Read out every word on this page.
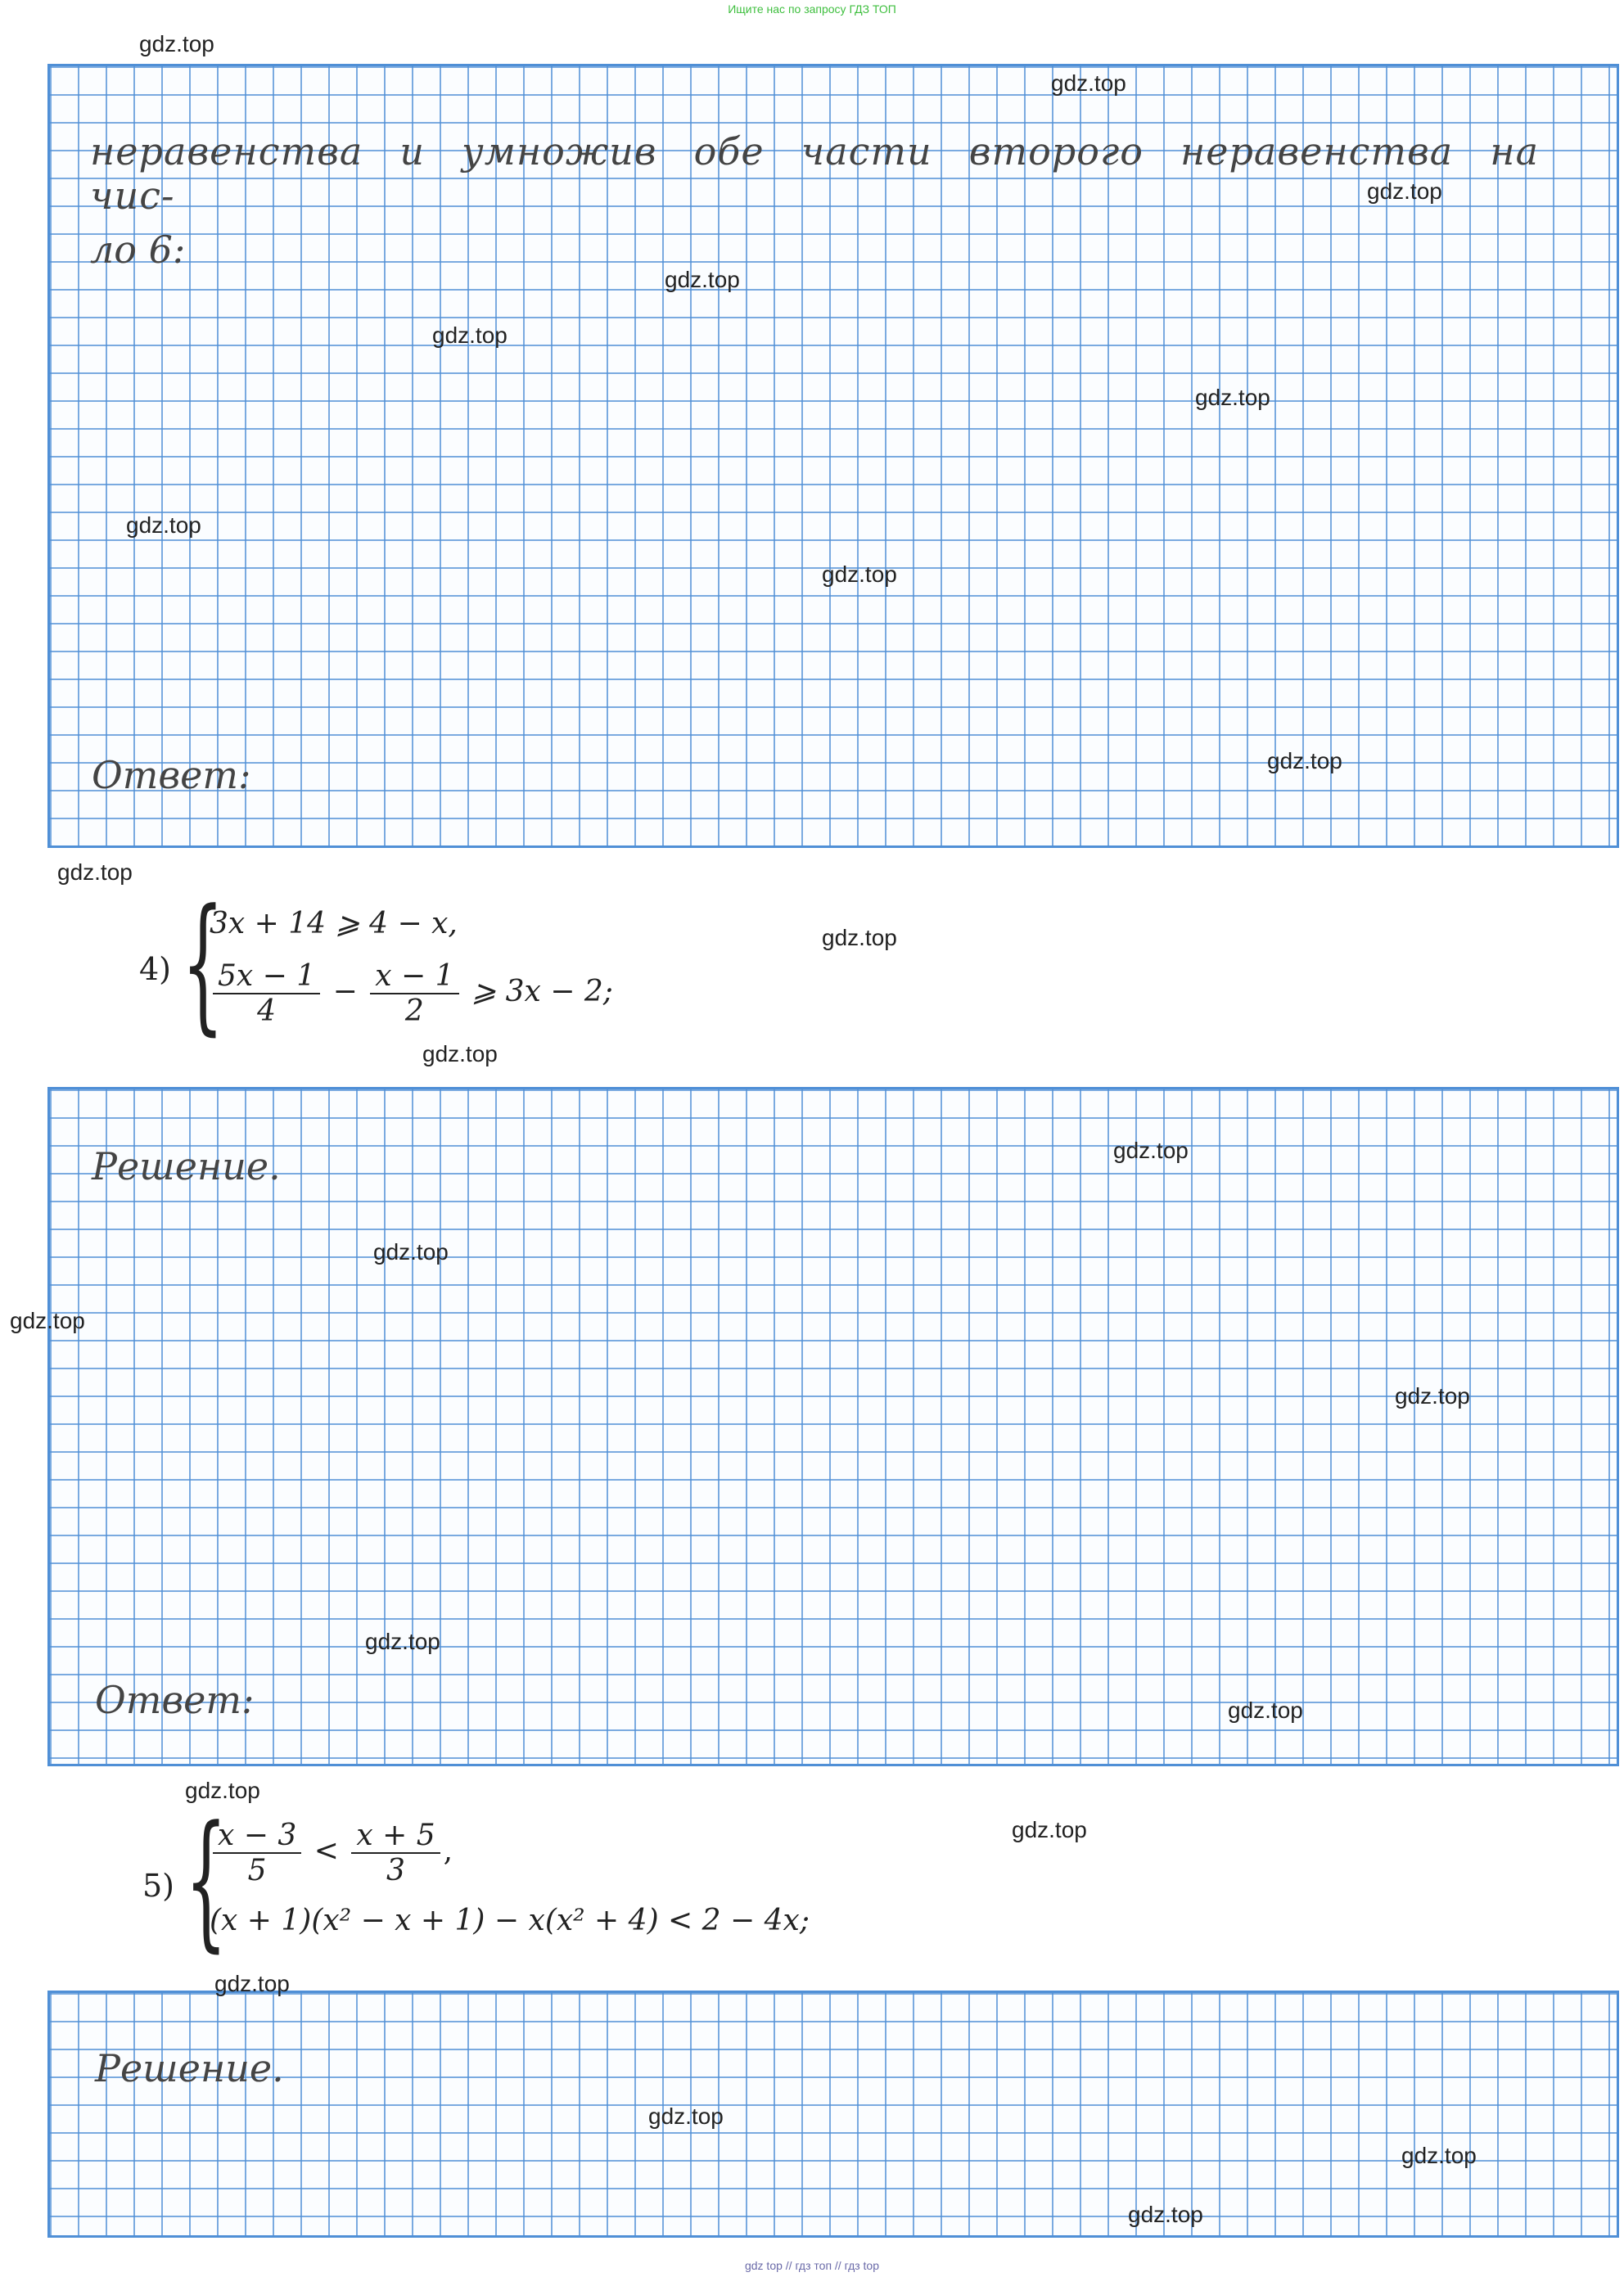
Ищите нас по запросу ГДЗ ТОП
неравенства и умножив обе части второго неравенства на чис-
ло 6:
Ответ:
4) {
3x + 14 ⩾ 4 − x,
$\frac{5x - 1}{4} - \frac{x - 1}{2}$ ⩾ 3x − 2;
Решение.
Ответ:
5) {
$\frac{x - 3}{5} < \frac{x + 5}{3}$ ,
(x + 1)(x² − x + 1) − x(x² + 4) < 2 − 4x;
Решение.
gdz.top
gdz.top
gdz.top
gdz.top
gdz.top
gdz.top
gdz.top
gdz.top
gdz.top
gdz.top
gdz.top
gdz.top
gdz.top
gdz.top
gdz.top
gdz.top
gdz.top
gdz.top
gdz.top
gdz.top
gdz.top
gdz.top
gdz.top
gdz.top
gdz top // гдз топ // гдз top
